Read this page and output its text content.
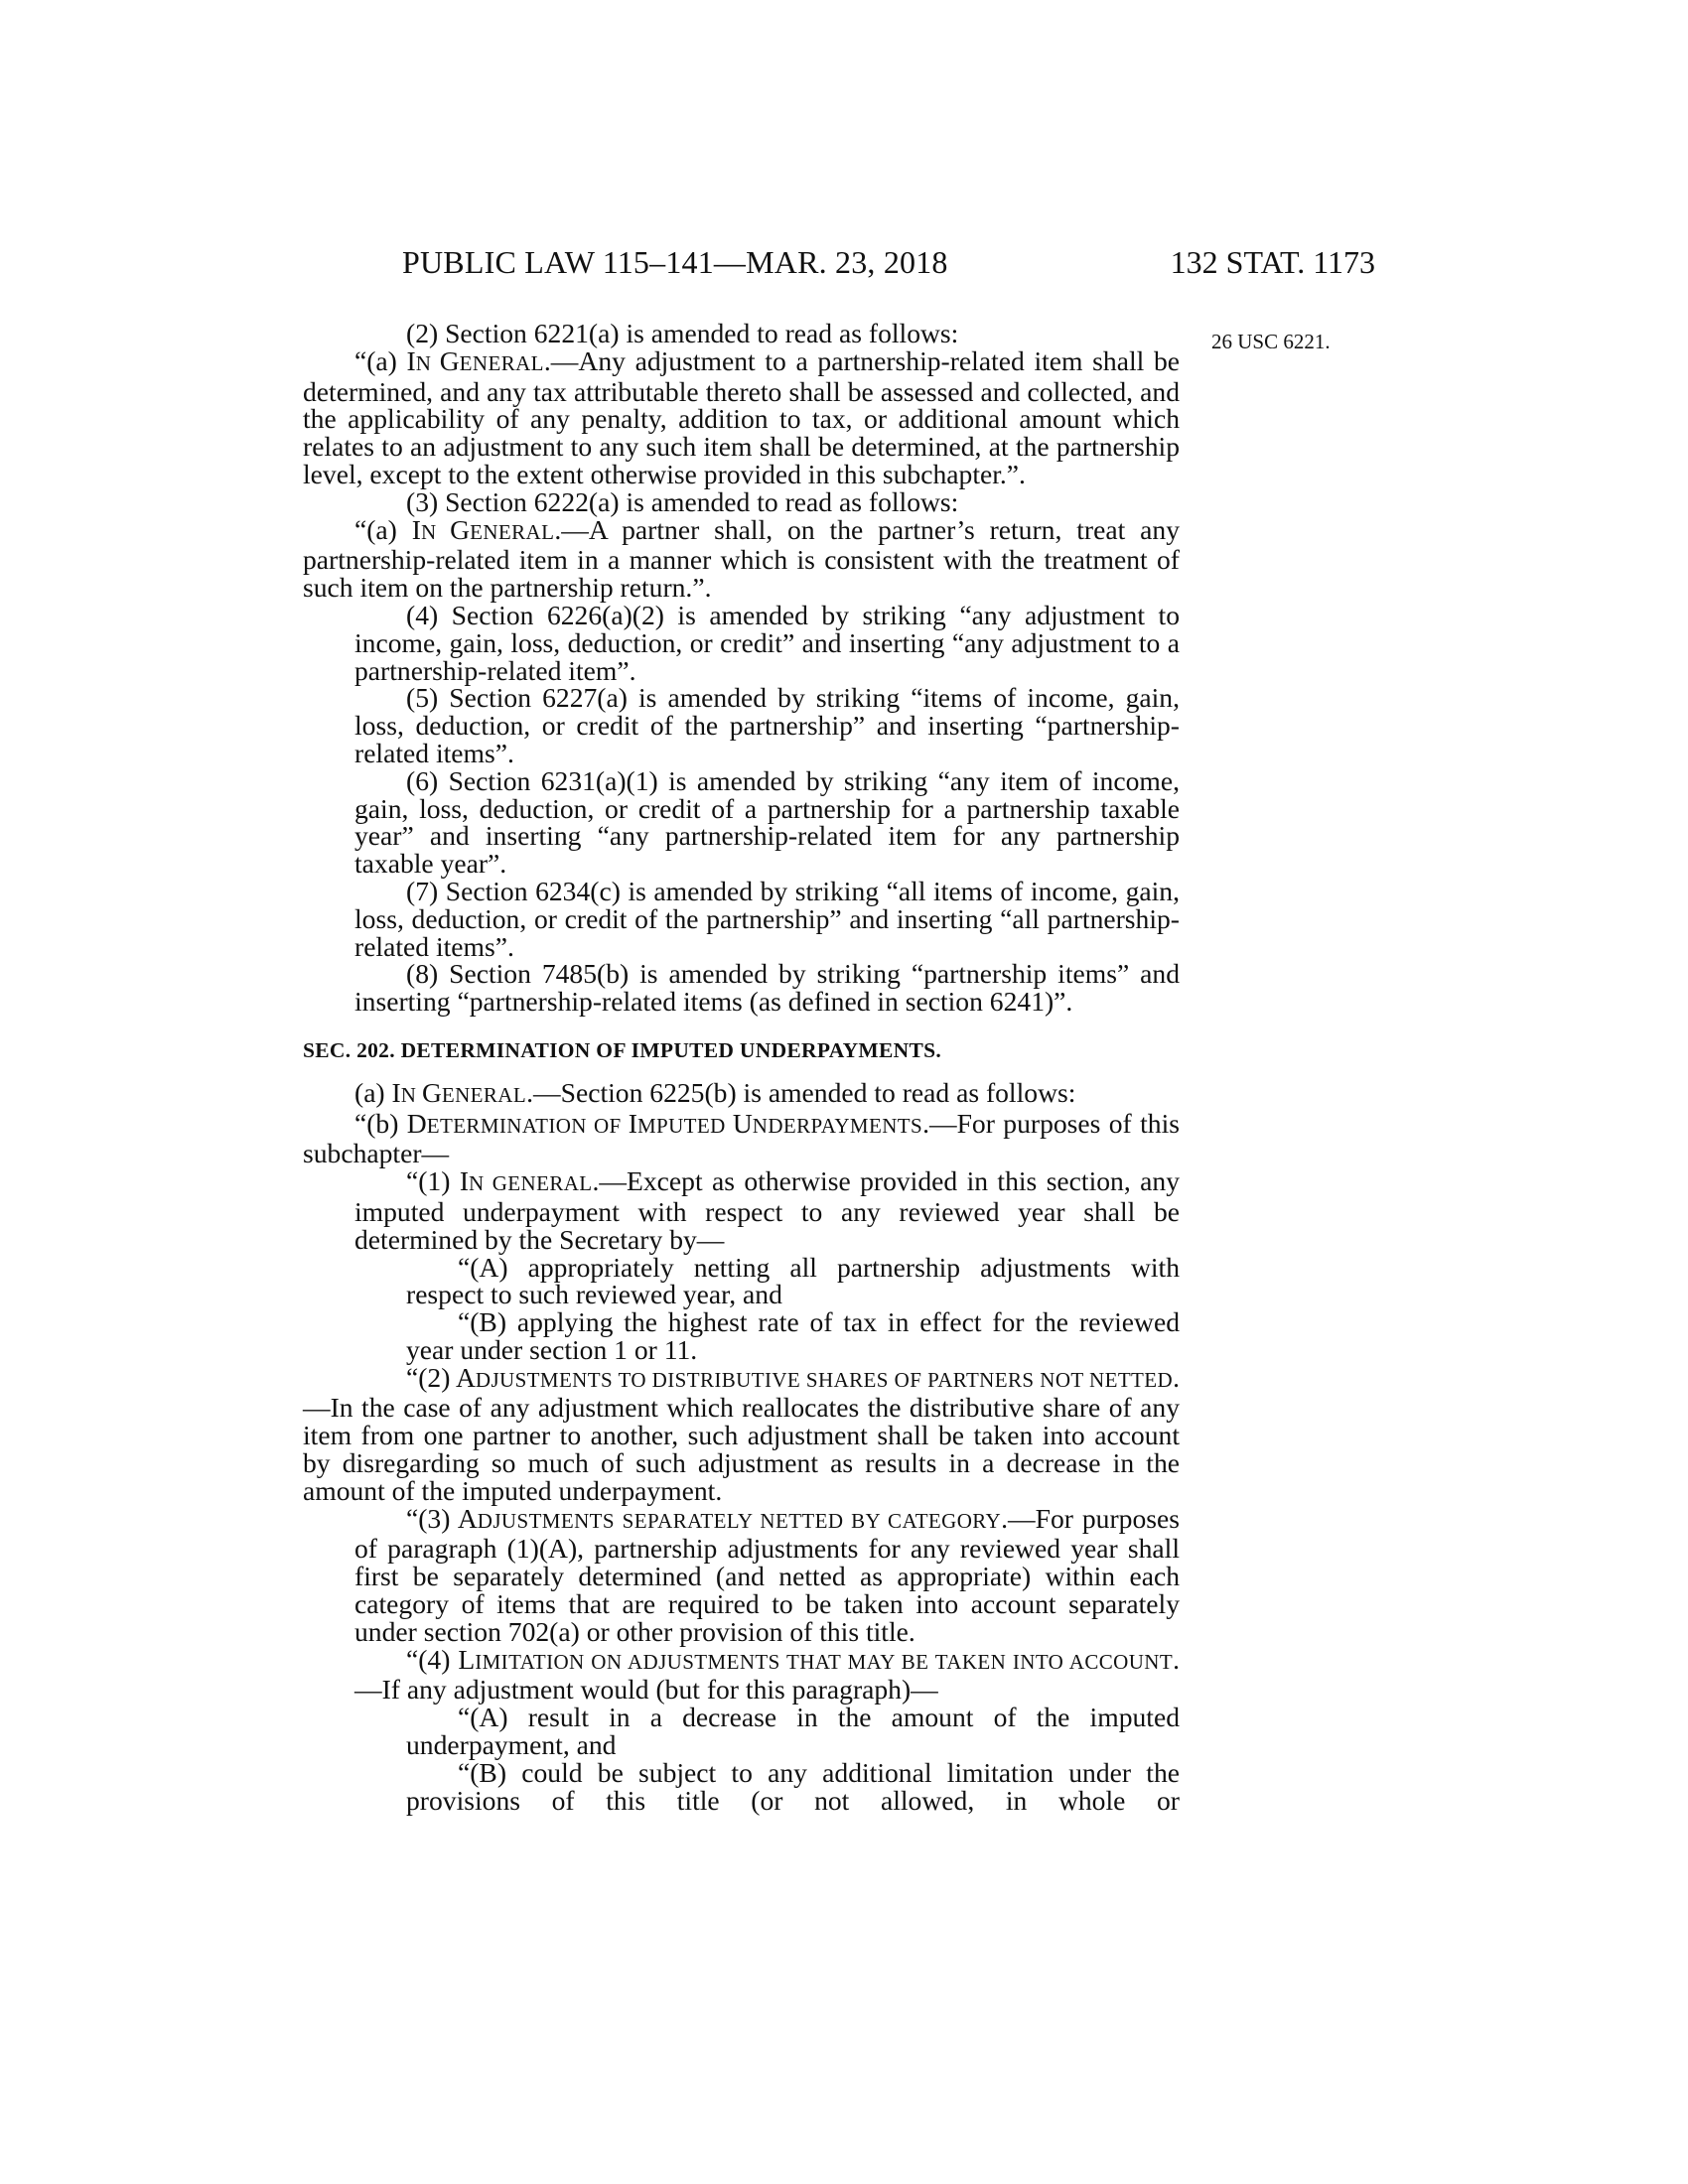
PUBLIC LAW 115–141—MAR. 23, 2018	132 STAT. 1173
26 USC 6221.

(2) Section 6221(a) is amended to read as follows:

“(a) IN GENERAL.—Any adjustment to a partnership-related item shall be determined, and any tax attributable thereto shall be assessed and collected, and the applicability of any penalty, addition to tax, or additional amount which relates to an adjustment to any such item shall be determined, at the partnership level, except to the extent otherwise provided in this subchapter.”.

(3) Section 6222(a) is amended to read as follows:

“(a) IN GENERAL.—A partner shall, on the partner’s return, treat any partnership-related item in a manner which is consistent with the treatment of such item on the partnership return.”.

(4) Section 6226(a)(2) is amended by striking “any adjustment to income, gain, loss, deduction, or credit” and inserting “any adjustment to a partnership-related item”.

(5) Section 6227(a) is amended by striking “items of income, gain, loss, deduction, or credit of the partnership” and inserting “partnership-related items”.

(6) Section 6231(a)(1) is amended by striking “any item of income, gain, loss, deduction, or credit of a partnership for a partnership taxable year” and inserting “any partnership-related item for any partnership taxable year”.

(7) Section 6234(c) is amended by striking “all items of income, gain, loss, deduction, or credit of the partnership” and inserting “all partnership-related items”.

(8) Section 7485(b) is amended by striking “partnership items” and inserting “partnership-related items (as defined in section 6241)”.

SEC. 202. DETERMINATION OF IMPUTED UNDERPAYMENTS.

(a) IN GENERAL.—Section 6225(b) is amended to read as follows:

“(b) DETERMINATION OF IMPUTED UNDERPAYMENTS.—For purposes of this subchapter—

“(1) IN GENERAL.—Except as otherwise provided in this section, any imputed underpayment with respect to any reviewed year shall be determined by the Secretary by—

“(A) appropriately netting all partnership adjustments with respect to such reviewed year, and

“(B) applying the highest rate of tax in effect for the reviewed year under section 1 or 11.

“(2) ADJUSTMENTS TO DISTRIBUTIVE SHARES OF PARTNERS NOT NETTED.—In the case of any adjustment which reallocates the distributive share of any item from one partner to another, such adjustment shall be taken into account by disregarding so much of such adjustment as results in a decrease in the amount of the imputed underpayment.

“(3) ADJUSTMENTS SEPARATELY NETTED BY CATEGORY.—For purposes of paragraph (1)(A), partnership adjustments for any reviewed year shall first be separately determined (and netted as appropriate) within each category of items that are required to be taken into account separately under section 702(a) or other provision of this title.

“(4) LIMITATION ON ADJUSTMENTS THAT MAY BE TAKEN INTO ACCOUNT.—If any adjustment would (but for this paragraph)—

“(A) result in a decrease in the amount of the imputed underpayment, and

“(B) could be subject to any additional limitation under the provisions of this title (or not allowed, in whole or
